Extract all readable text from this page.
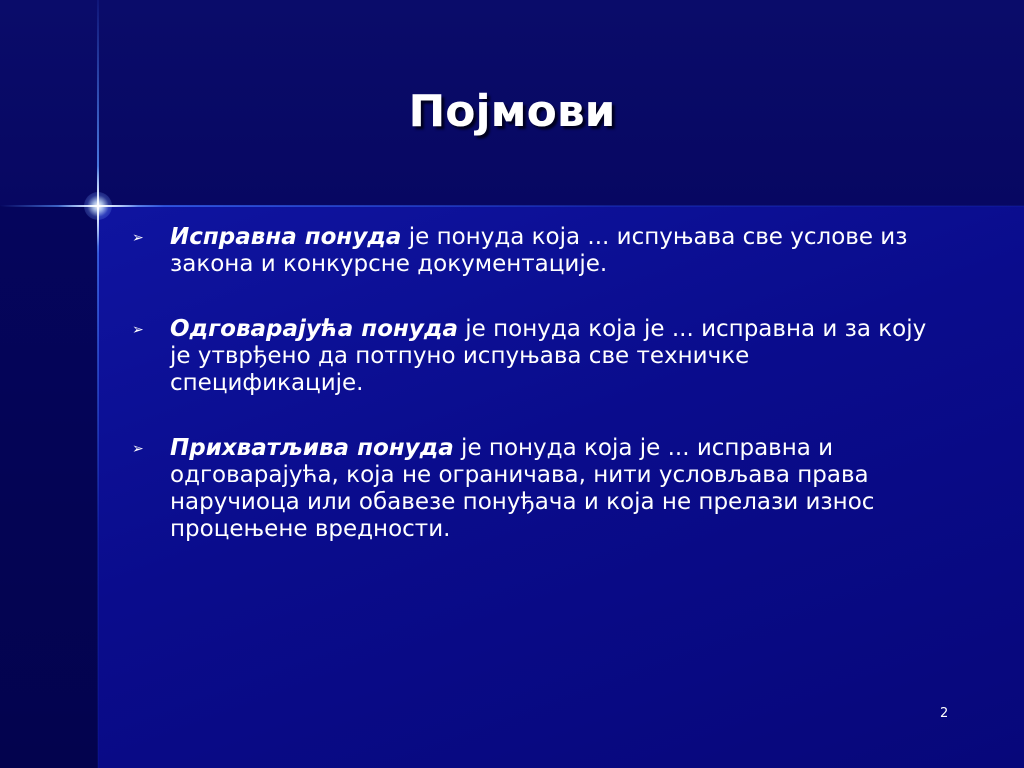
Појмови
➢ Исправна понуда је понуда која ... испуњава све услове из закона и конкурсне документације.
➢ Одговарајућа понуда је понуда која је ... исправна и за коју је утврђено да потпуно испуњава све техничке спецификације.
➢ Прихватљива понуда је понуда која је ... исправна и одговарајућа, која не ограничава, нити условљава права наручиоца или обавезе понуђача и која не прелази износ процењене вредности.
2
